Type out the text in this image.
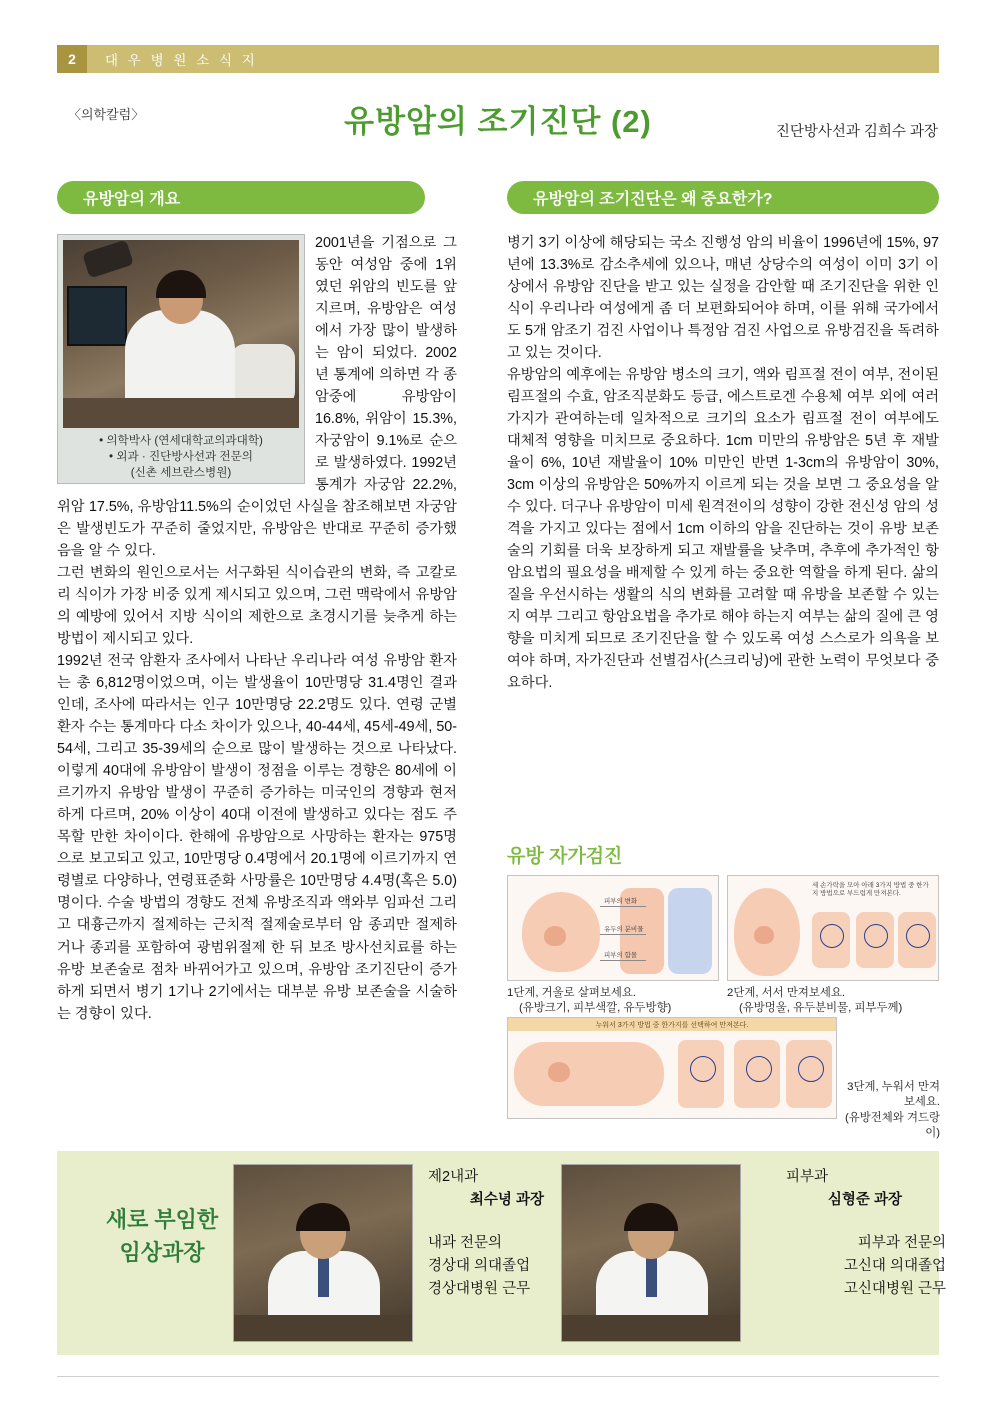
2	대 우 병 원 소 식 지
〈의학칼럼〉	유방암의 조기진단 (2)	진단방사선과 김희수 과장
유방암의 개요	유방암의 조기진단은 왜 중요한가?
• 의학박사 (연세대학교의과대학)
• 외과 · 진단방사선과 전문의
(신촌 세브란스병원)

2001년을 기점으로 그 동안 여성암 중에 1위였던 위암의 빈도를 앞지르며, 유방암은 여성에서 가장 많이 발생하는 암이 되었다. 2002년 통계에 의하면 각 종 암중에 유방암이 16.8%, 위암이 15.3%, 자궁암이 9.1%로 순으로 발생하였다. 1992년 통계가 자궁암 22.2%, 위암 17.5%, 유방암11.5%의 순이었던 사실을 참조해보면 자궁암은 발생빈도가 꾸준히 줄었지만, 유방암은 반대로 꾸준히 증가했음을 알 수 있다.

그런 변화의 원인으로서는 서구화된 식이습관의 변화, 즉 고칼로리 식이가 가장 비중 있게 제시되고 있으며, 그런 맥락에서 유방암의 예방에 있어서 지방 식이의 제한으로 초경시기를 늦추게 하는 방법이 제시되고 있다.

1992년 전국 암환자 조사에서 나타난 우리나라 여성 유방암 환자는 총 6,812명이었으며, 이는 발생율이 10만명당 31.4명인 결과인데, 조사에 따라서는 인구 10만명당 22.2명도 있다. 연령 군별 환자 수는 통계마다 다소 차이가 있으나, 40-44세, 45세-49세, 50-54세, 그리고 35-39세의 순으로 많이 발생하는 것으로 나타났다. 이렇게 40대에 유방암이 발생이 정점을 이루는 경향은 80세에 이르기까지 유방암 발생이 꾸준히 증가하는 미국인의 경향과 현저하게 다르며, 20% 이상이 40대 이전에 발생하고 있다는 점도 주목할 만한 차이이다. 한해에 유방암으로 사망하는 환자는 975명으로 보고되고 있고, 10만명당 0.4명에서 20.1명에 이르기까지 연령별로 다양하나, 연령표준화 사망률은 10만명당 4.4명(혹은 5.0)명이다. 수술 방법의 경향도 전체 유방조직과 액와부 임파선 그리고 대흉근까지 절제하는 근치적 절제술로부터 암 종괴만 절제하거나 종괴를 포함하여 광범위절제 한 뒤 보조 방사선치료를 하는 유방 보존술로 점차 바뀌어가고 있으며, 유방암 조기진단이 증가하게 되면서 병기 1기나 2기에서는 대부분 유방 보존술을 시술하는 경향이 있다.

병기 3기 이상에 해당되는 국소 진행성 암의 비율이 1996년에 15%, 97년에 13.3%로 감소추세에 있으나, 매년 상당수의 여성이 이미 3기 이상에서 유방암 진단을 받고 있는 실정을 감안할 때 조기진단을 위한 인식이 우리나라 여성에게 좀 더 보편화되어야 하며, 이를 위해 국가에서도 5개 암조기 검진 사업이나 특정암 검진 사업으로 유방검진을 독려하고 있는 것이다.

유방암의 예후에는 유방암 병소의 크기, 액와 림프절 전이 여부, 전이된 림프절의 수효, 암조직분화도 등급, 에스트로겐 수용체 여부 외에 여러 가지가 관여하는데 일차적으로 크기의 요소가 림프절 전이 여부에도 대체적 영향을 미치므로 중요하다. 1cm 미만의 유방암은 5년 후 재발율이 6%, 10년 재발율이 10% 미만인 반면 1-3cm의 유방암이 30%, 3cm 이상의 유방암은 50%까지 이르게 되는 것을 보면 그 중요성을 알 수 있다. 더구나 유방암이 미세 원격전이의 성향이 강한 전신성 암의 성격을 가지고 있다는 점에서 1cm 이하의 암을 진단하는 것이 유방 보존술의 기회를 더욱 보장하게 되고 재발률을 낮추며, 추후에 추가적인 항암요법의 필요성을 배제할 수 있게 하는 중요한 역할을 하게 된다. 삶의 질을 우선시하는 생활의 식의 변화를 고려할 때 유방을 보존할 수 있는지 여부 그리고 항암요법을 추가로 해야 하는지 여부는 삶의 질에 큰 영향을 미치게 되므로 조기진단을 할 수 있도록 여성 스스로가 의욕을 보여야 하며, 자가진단과 선별검사(스크리닝)에 관한 노력이 무엇보다 중요하다.

유방 자가검진
피부의 변화
유두의 분비물
피부의 함몰
세 손가락을 모아 아래 3가지 방법 중 한가지 방법으로 부드럽게 만져본다.
누워서 3가지 방법 중 한가지를 선택하여 만져본다.
1단계, 거울로 살펴보세요.
(유방크기, 피부색깔, 유두방향)
2단계, 서서 만져보세요.
(유방멍울, 유두분비물, 피부두께)
3단계, 누워서 만져보세요.
(유방전체와 겨드랑이)
새로 부임한
임상과장
제2내과
최수녕 과장
내과 전문의
경상대 의대졸업
경상대병원 근무
피부과
심형준 과장
피부과 전문의
고신대 의대졸업
고신대병원 근무
